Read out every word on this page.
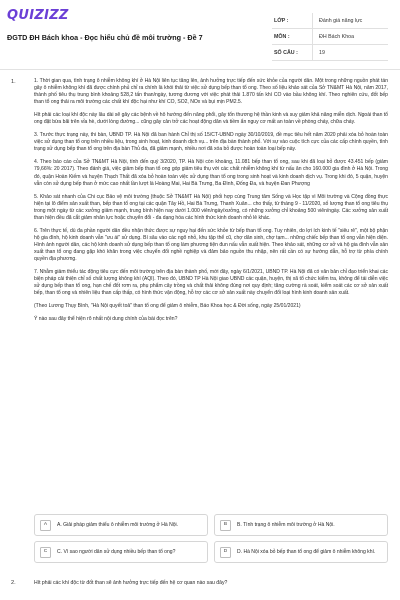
QUIZIZZ
ĐGTD ĐH Bách khoa - Đọc hiểu chủ đề môi trường - Đề 7
LỚP :	Đánh giá năng lực
MÔN :	ĐH Bách Khoa
SỐ CÂU :	19
1.	1. Thời gian qua, tình trạng ô nhiễm không khí ở Hà Nội liên tục tăng lên, ảnh hưởng trực tiếp đến sức khỏe của người dân. Một trong những nguồn phát tán gây ô nhiễm không khí đã được chính phủ chỉ ra chính là khói thải từ việc sử dụng bếp than tổ ong. Theo số liệu khảo sát của Sở TN&MT Hà Nội, năm 2017, thành phố tiêu thụ trung bình khoảng 528,2 tấn than/ngày, tương đương với việc phát thải 1.870 tấn khí CO vào bầu không khí. Theo nghiên cứu, đốt bếp than tổ ong thải ra môi trường các chất khí độc hại như khí CO, SO2, NOx và bụi mịn PM2.5.

Hít phải các loại khí độc này lâu dài sẽ gây các bệnh về hô hướng đến năng phổi, gây tổn thương hệ thần kinh và suy giảm khả năng miễn dịch. Ngoài than tổ ong đặt bừa bãi trên vỉa hè, dưới lòng đường... cũng gây cản trở các hoạt động dân và tiềm ẩn nguy cơ mất an toàn về phòng cháy, chữa cháy.

3. Trước thực trạng này, thi bàn, UBND TP. Hà Nội đã ban hành Chỉ thị số 15/CT-UBND ngày 30/10/2019, đề mục tiêu hết năm 2020 phải xóa bỏ hoàn toàn việc sử dụng than tổ ong trên nhiều liệu, trong sinh hoạt, kinh doanh dịch vụ... trên địa bàn thành phố. Với sự vào cuộc tích cực của các cấp chính quyền, tình trạng sử dụng bếp than tổ ong trên địa bàn Thủ đa, đã giảm mạnh, nhiều nơi đã xóa bỏ được hoàn toàn loại bếp này.

4. Theo báo cáo của Sở TN&MT Hà Nội, tính đến quý 3/2020, TP. Hà Nội còn khoảng, 11.081 bếp than tổ ong, sau khi đã loại bỏ được 43.451 bếp (giảm 79,66%: 20 2017). Theo đánh giá, việc giảm bếp than tổ ong góp giảm tiêu thụ với các chất nhiễm không khí từ nấu ăn cho 160.000 gia đình ở Hà Nội. Trong đó, quận Hoàn Kiếm và huyện Thạch Thất đã xóa bỏ hoàn toàn việc sử dụng than tổ ong trong sinh hoạt và kinh doanh dịch vụ. Trong khi đó, 5 quận, huyện vẫn còn sử dụng bếp than ở mức cao nhất lần lượt là Hoàng Mai, Hai Bà Trưng, Ba Đình, Đống Đa, và huyện Đan Phượng

5. Khảo sát nhanh của Chi cục Bảo vệ môi trường (thuộc Sở TN&MT Hà Nội) phối hợp cùng Trung tâm Sống và Học tập vì Môi trường và Cộng đồng thực hiện tại lô điểm sản xuất than, bếp than tổ ong tại các quận Tây Hồ, Hai Bà Trưng, Thanh Xuân... cho thấy, từ tháng 9 - 11/2020, số lượng than tổ ong tiêu thụ trong một ngày từ các xưởng giảm mạnh, trung bình hiện nay dưới 1.000 viên/ngày/xưởng, có những xưởng chỉ khoảng 500 viên/ngày. Các xưởng sản xuất than hiện đều đã cắt giảm nhân lực hoặc chuyển đổi - đa dạng hóa các hình thức kinh doanh nhỏ lẻ khác.

6. Trên thực tế, dù đa phần người dân đều nhận thức được sự nguy hại đến sức khỏe từ bếp than tổ ong. Tuy nhiên, do lợi ích kinh tế "siêu rẻ", một bộ phận hộ gia đình, hộ kinh doanh vẫn "ưu ái" sử dụng. Bí sâu vào các ngõ nhỏ, khu tập thể cũ, chợ dân sinh, chợ tạm... những chiếc bếp than tổ ong vẫn hiện diện. Hình ảnh người dân, các hộ kinh doanh sử dụng bếp than tổ ong làm phương tiện đun nấu vẫn xuất hiện. Theo khảo sát, những cơ sở và hộ gia đình vẫn sản xuất than tổ ong đang gặp khó khăn trong việc chuyển đổi nghề nghiệp và đảm bảo nguồn thu nhập, nên rất cần có sự hướng dẫn, hỗ trợ từ phía chính quyền địa phương.

7. Nhằm giảm thiểu tác động tiêu cực đến môi trường trên địa bàn thành phố, mới đây, ngày 6/1/2021, UBND TP. Hà Nội đã có văn bản chỉ đạo triển khai các biện pháp cải thiện chỉ số chất lượng không khí (AQI). Theo đó, UBND TP Hà Nội giao UBND các quận, huyện, thị xã tổ chức kiểm tra, không để tái diễn việc sử dụng bếp than tổ ong, hạn chế đốt rơm ra, phụ phẩm cây trồng và chất thải không đúng nơi quy định; tăng cường rà soát, kiểm soát các cơ sở sản xuất bếp, than tổ ong và nhiên liệu than cấp thấp, có hình thức vận động, hỗ trợ các cơ sở sản xuất này chuyển đổi loại hình kinh doanh sản xuất.

(Theo Lương Thụy Bình, "Hà Nội quyết toả" than tổ ong để giảm ô nhiễm, Báo Khoa học & Đời sống, ngày 25/01/2021)

Ý nào sau đây thể hiện rõ nhất nội dung chính của bài đọc trên?

A	A. Giải pháp giảm thiểu ô nhiễm môi trường ở Hà Nội.	B	B. Tình trạng ô nhiễm môi trường ở Hà Nội.
C	C. Vì sao người dân sử dụng nhiều bếp than tổ ong?	D	D. Hà Nội xóa bỏ bếp than tổ ong để giảm ô nhiễm không khí.
2.	Hít phải các khí độc từ đốt than sẽ ảnh hưởng trực tiếp đến hệ cơ quan nào sau đây?
